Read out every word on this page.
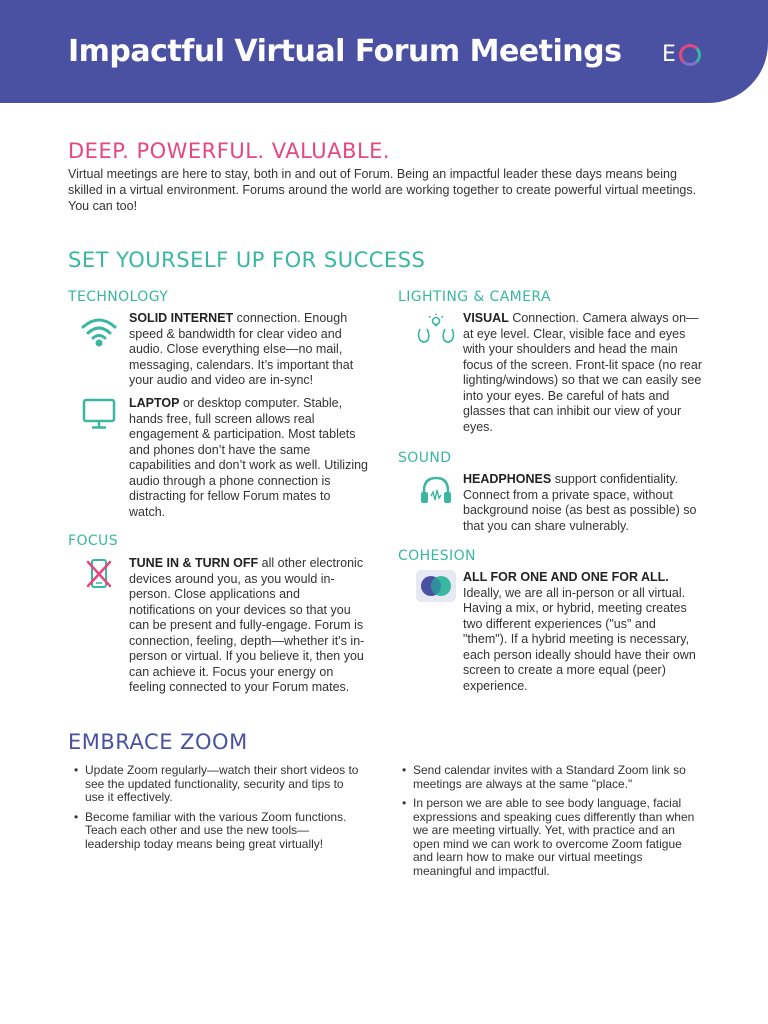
Impactful Virtual Forum Meetings E
DEEP. POWERFUL. VALUABLE.
Virtual meetings are here to stay, both in and out of Forum. Being an impactful leader these days means being skilled in a virtual environment. Forums around the world are working together to create powerful virtual meetings. You can too!
SET YOURSELF UP FOR SUCCESS
TECHNOLOGY
SOLID INTERNET connection. Enough speed & bandwidth for clear video and audio. Close everything else—no mail, messaging, calendars. It’s important that your audio and video are in-sync!
LAPTOP or desktop computer. Stable, hands free, full screen allows real engagement & participation. Most tablets and phones don’t have the same capabilities and don’t work as well. Utilizing audio through a phone connection is distracting for fellow Forum mates to watch.
FOCUS
TUNE IN & TURN OFF all other electronic devices around you, as you would in-person. Close applications and notifications on your devices so that you can be present and fully-engage. Forum is connection, feeling, depth—whether it’s in-person or virtual. If you believe it, then you can achieve it. Focus your energy on feeling connected to your Forum mates.
LIGHTING & CAMERA
VISUAL Connection. Camera always on—at eye level. Clear, visible face and eyes with your shoulders and head the main focus of the screen. Front-lit space (no rear lighting/windows) so that we can easily see into your eyes. Be careful of hats and glasses that can inhibit our view of your eyes.
SOUND
HEADPHONES support confidentiality. Connect from a private space, without background noise (as best as possible) so that you can share vulnerably.
COHESION
ALL FOR ONE AND ONE FOR ALL. Ideally, we are all in-person or all virtual. Having a mix, or hybrid, meeting creates two different experiences ("us" and "them"). If a hybrid meeting is necessary, each person ideally should have their own screen to create a more equal (peer) experience.
EMBRACE ZOOM
• Update Zoom regularly—watch their short videos to see the updated functionality, security and tips to use it effectively.
• Become familiar with the various Zoom functions. Teach each other and use the new tools—leadership today means being great virtually!
• Send calendar invites with a Standard Zoom link so meetings are always at the same "place."
• In person we are able to see body language, facial expressions and speaking cues differently than when we are meeting virtually. Yet, with practice and an open mind we can work to overcome Zoom fatigue and learn how to make our virtual meetings meaningful and impactful.
